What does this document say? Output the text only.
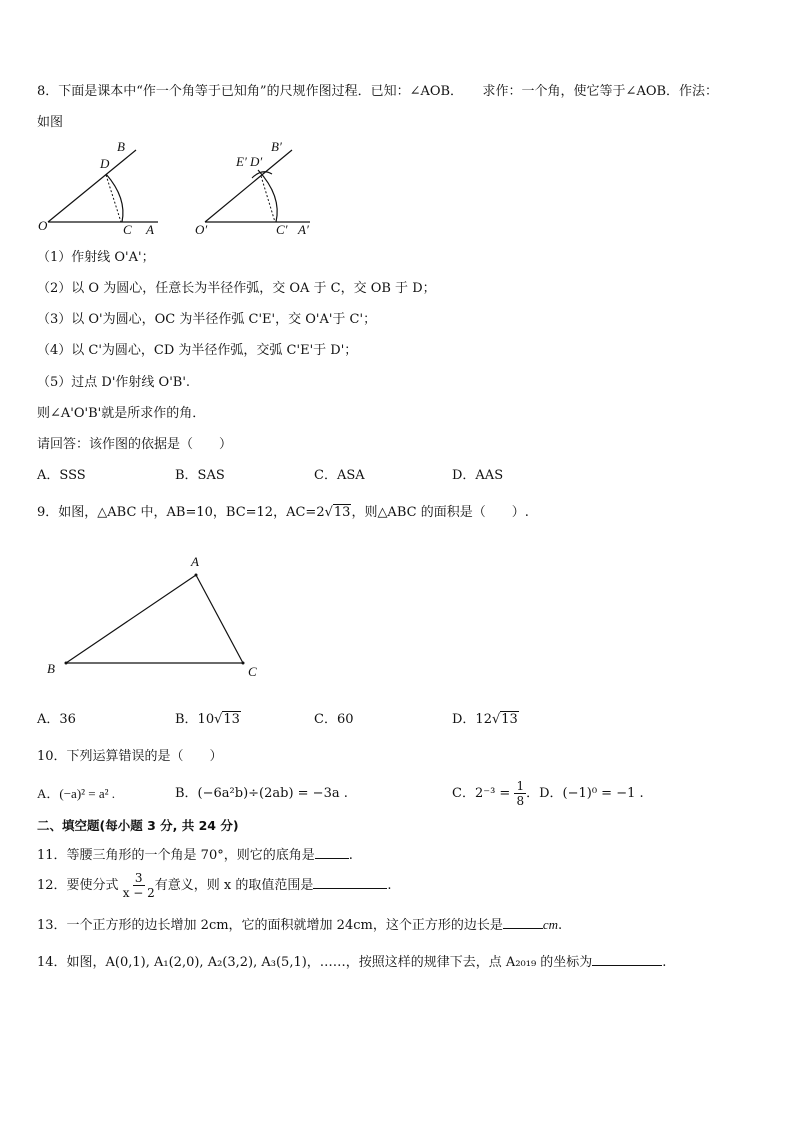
8．下面是课本中“作一个角等于已知角”的尺规作图过程．已知：∠AOB．　　求作：一个角，使它等于∠AOB．作法：
如图
B
D
O	C A
B′
E′ D′
O′	C′ A′
（1）作射线 O'A'；
（2）以 O 为圆心，任意长为半径作弧，交 OA 于 C，交 OB 于 D；
（3）以 O'为圆心，OC 为半径作弧 C'E'，交 O'A'于 C'；
（4）以 C'为圆心，CD 为半径作弧，交弧 C'E'于 D'；
（5）过点 D'作射线 O'B'.
则∠A'O'B'就是所求作的角．
请回答：该作图的依据是（　　）
A．SSS	B．SAS	C．ASA	D．AAS
9．如图，△ABC 中，AB=10，BC=12，AC=2√ 13 ，则△ABC 的面积是（　　）.
A
B	C
A．36	B．10√ 13	C．60	D．12√ 13
10．下列运算错误的是（　　）
A．(−a)² = a² .	B．(−6a²b)÷(2ab) = −3a .	C．$2^{-3} = \frac{1}{8}$ ．D．(−1)⁰ = −1 .
二、填空题(每小题 3 分, 共 24 分)
11．等腰三角形的一个角是 70°，则它的底角是	.
12．要使分式 $\frac{3}{x - 2}$ 有意义，则 x 的取值范围是	.
13．一个正方形的边长增加 2cm，它的面积就增加 24cm，这个正方形的边长是	cm.
14．如图，A(0,1), A₁(2,0), A₂(3,2), A₃(5,1)，……，按照这样的规律下去，点 A₂₀₁₉ 的坐标为	.
